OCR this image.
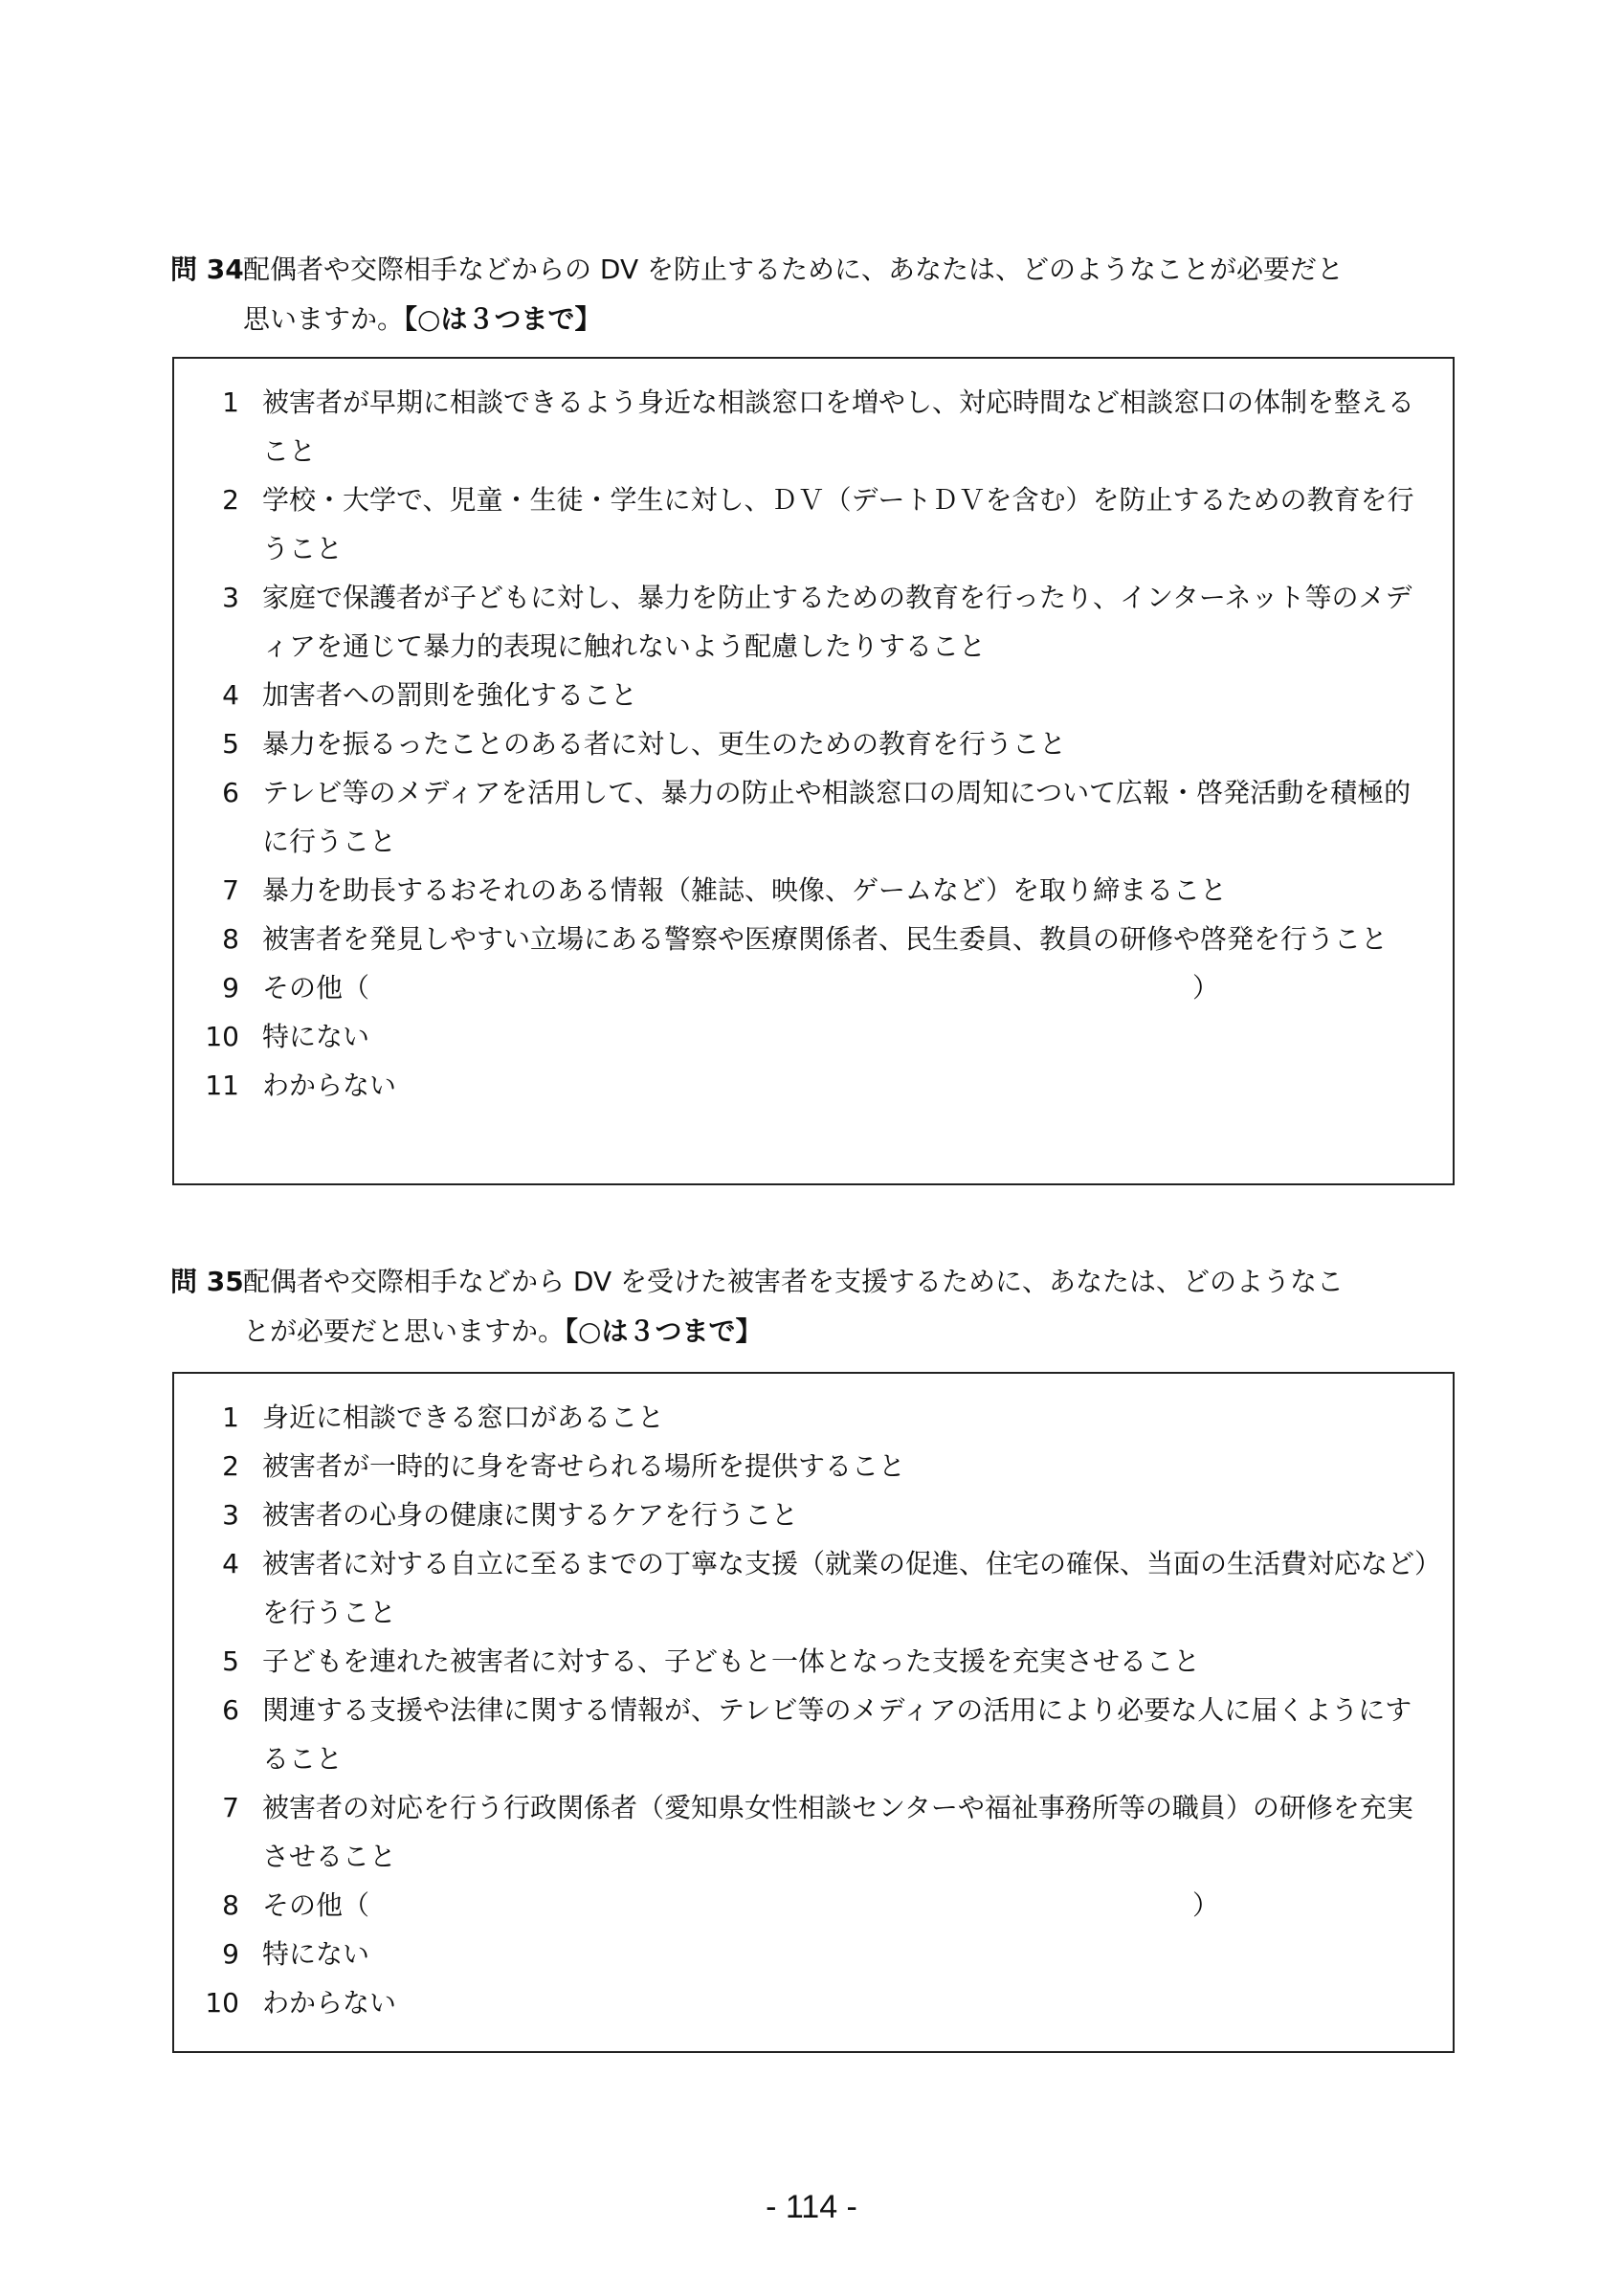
問 34 配偶者や交際相手などからの DV を防止するために、あなたは、どのようなことが必要だと
思いますか。【○は３つまで】
1 被害者が早期に相談できるよう身近な相談窓口を増やし、対応時間など相談窓口の体制を整えること
2 学校・大学で、児童・生徒・学生に対し、ＤＶ（デートＤＶを含む）を防止するための教育を行うこと
3 家庭で保護者が子どもに対し、暴力を防止するための教育を行ったり、インターネット等のメディアを通じて暴力的表現に触れないよう配慮したりすること
4 加害者への罰則を強化すること
5 暴力を振るったことのある者に対し、更生のための教育を行うこと
6 テレビ等のメディアを活用して、暴力の防止や相談窓口の周知について広報・啓発活動を積極的に行うこと
7 暴力を助長するおそれのある情報（雑誌、映像、ゲームなど）を取り締まること
8 被害者を発見しやすい立場にある警察や医療関係者、民生委員、教員の研修や啓発を行うこと
9 その他（	）
10 特にない
11 わからない
問 35 配偶者や交際相手などから DV を受けた被害者を支援するために、あなたは、どのようなこ
とが必要だと思いますか。【○は３つまで】
1 身近に相談できる窓口があること
2 被害者が一時的に身を寄せられる場所を提供すること
3 被害者の心身の健康に関するケアを行うこと
4 被害者に対する自立に至るまでの丁寧な支援（就業の促進、住宅の確保、当面の生活費対応など）を行うこと
5 子どもを連れた被害者に対する、子どもと一体となった支援を充実させること
6 関連する支援や法律に関する情報が、テレビ等のメディアの活用により必要な人に届くようにすること
7 被害者の対応を行う行政関係者（愛知県女性相談センターや福祉事務所等の職員）の研修を充実させること
8 その他（	）
9 特にない
10 わからない
- 114 -
